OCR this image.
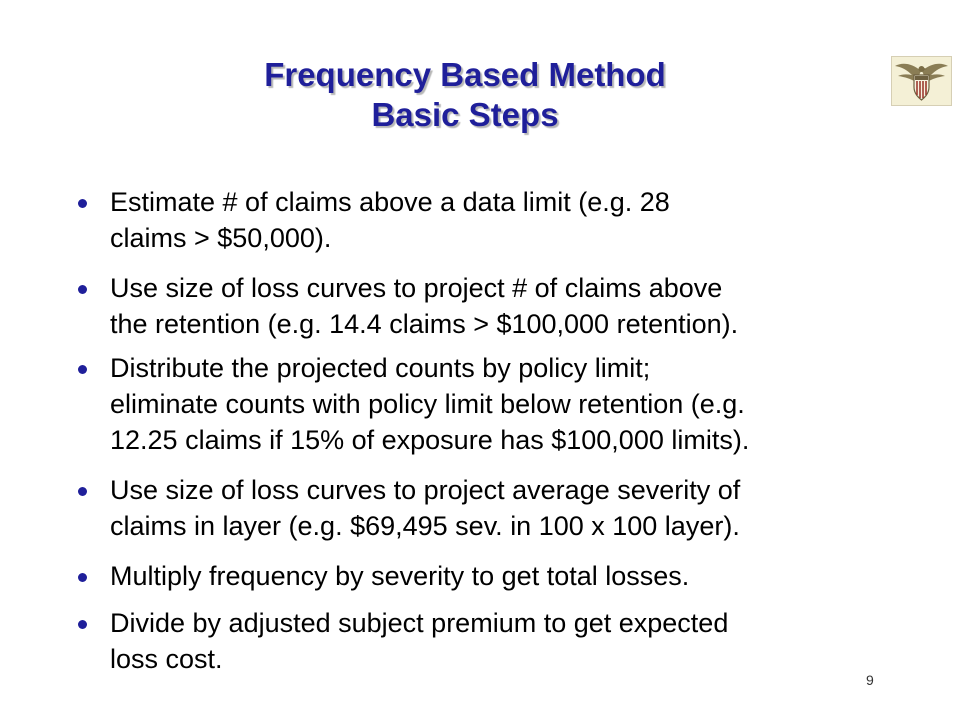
Frequency Based Method
Basic Steps
Estimate # of claims above a data limit (e.g. 28
claims > $50,000).
Use size of loss curves to project # of claims above
the retention (e.g. 14.4 claims > $100,000 retention).
Distribute the projected counts by policy limit;
eliminate counts with policy limit below retention (e.g.
12.25 claims if 15% of exposure has $100,000 limits).
Use size of loss curves to project average severity of
claims in layer (e.g. $69,495 sev. in 100 x 100 layer).
Multiply frequency by severity to get total losses.
Divide by adjusted subject premium to get expected
loss cost.
9
